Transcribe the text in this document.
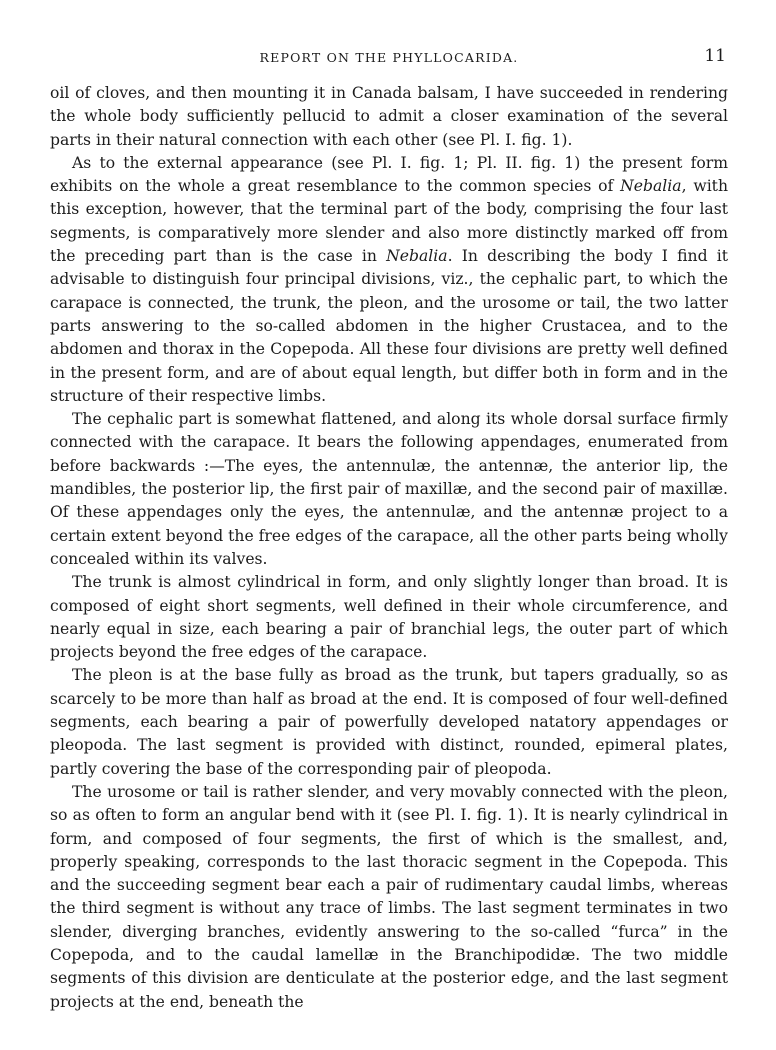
REPORT ON THE PHYLLOCARIDA.	11

oil of cloves, and then mounting it in Canada balsam, I have succeeded in rendering the whole body sufficiently pellucid to admit a closer examination of the several parts in their natural connection with each other (see Pl. I. fig. 1).

As to the external appearance (see Pl. I. fig. 1; Pl. II. fig. 1) the present form exhibits on the whole a great resemblance to the common species of Nebalia, with this exception, however, that the terminal part of the body, comprising the four last segments, is comparatively more slender and also more distinctly marked off from the preceding part than is the case in Nebalia. In describing the body I find it advisable to distinguish four principal divisions, viz., the cephalic part, to which the carapace is connected, the trunk, the pleon, and the urosome or tail, the two latter parts answering to the so-called abdomen in the higher Crustacea, and to the abdomen and thorax in the Copepoda. All these four divisions are pretty well defined in the present form, and are of about equal length, but differ both in form and in the structure of their respective limbs.

The cephalic part is somewhat flattened, and along its whole dorsal surface firmly connected with the carapace. It bears the following appendages, enumerated from before backwards :—The eyes, the antennulæ, the antennæ, the anterior lip, the mandibles, the posterior lip, the first pair of maxillæ, and the second pair of maxillæ. Of these appendages only the eyes, the antennulæ, and the antennæ project to a certain extent beyond the free edges of the carapace, all the other parts being wholly concealed within its valves.

The trunk is almost cylindrical in form, and only slightly longer than broad. It is composed of eight short segments, well defined in their whole circumference, and nearly equal in size, each bearing a pair of branchial legs, the outer part of which projects beyond the free edges of the carapace.

The pleon is at the base fully as broad as the trunk, but tapers gradually, so as scarcely to be more than half as broad at the end. It is composed of four well-defined segments, each bearing a pair of powerfully developed natatory appendages or pleopoda. The last segment is provided with distinct, rounded, epimeral plates, partly covering the base of the corresponding pair of pleopoda.

The urosome or tail is rather slender, and very movably connected with the pleon, so as often to form an angular bend with it (see Pl. I. fig. 1). It is nearly cylindrical in form, and composed of four segments, the first of which is the smallest, and, properly speaking, corresponds to the last thoracic segment in the Copepoda. This and the succeeding segment bear each a pair of rudimentary caudal limbs, whereas the third segment is without any trace of limbs. The last segment terminates in two slender, diverging branches, evidently answering to the so-called “furca” in the Copepoda, and to the caudal lamellæ in the Branchipodidæ. The two middle segments of this division are denticulate at the posterior edge, and the last segment projects at the end, beneath the
